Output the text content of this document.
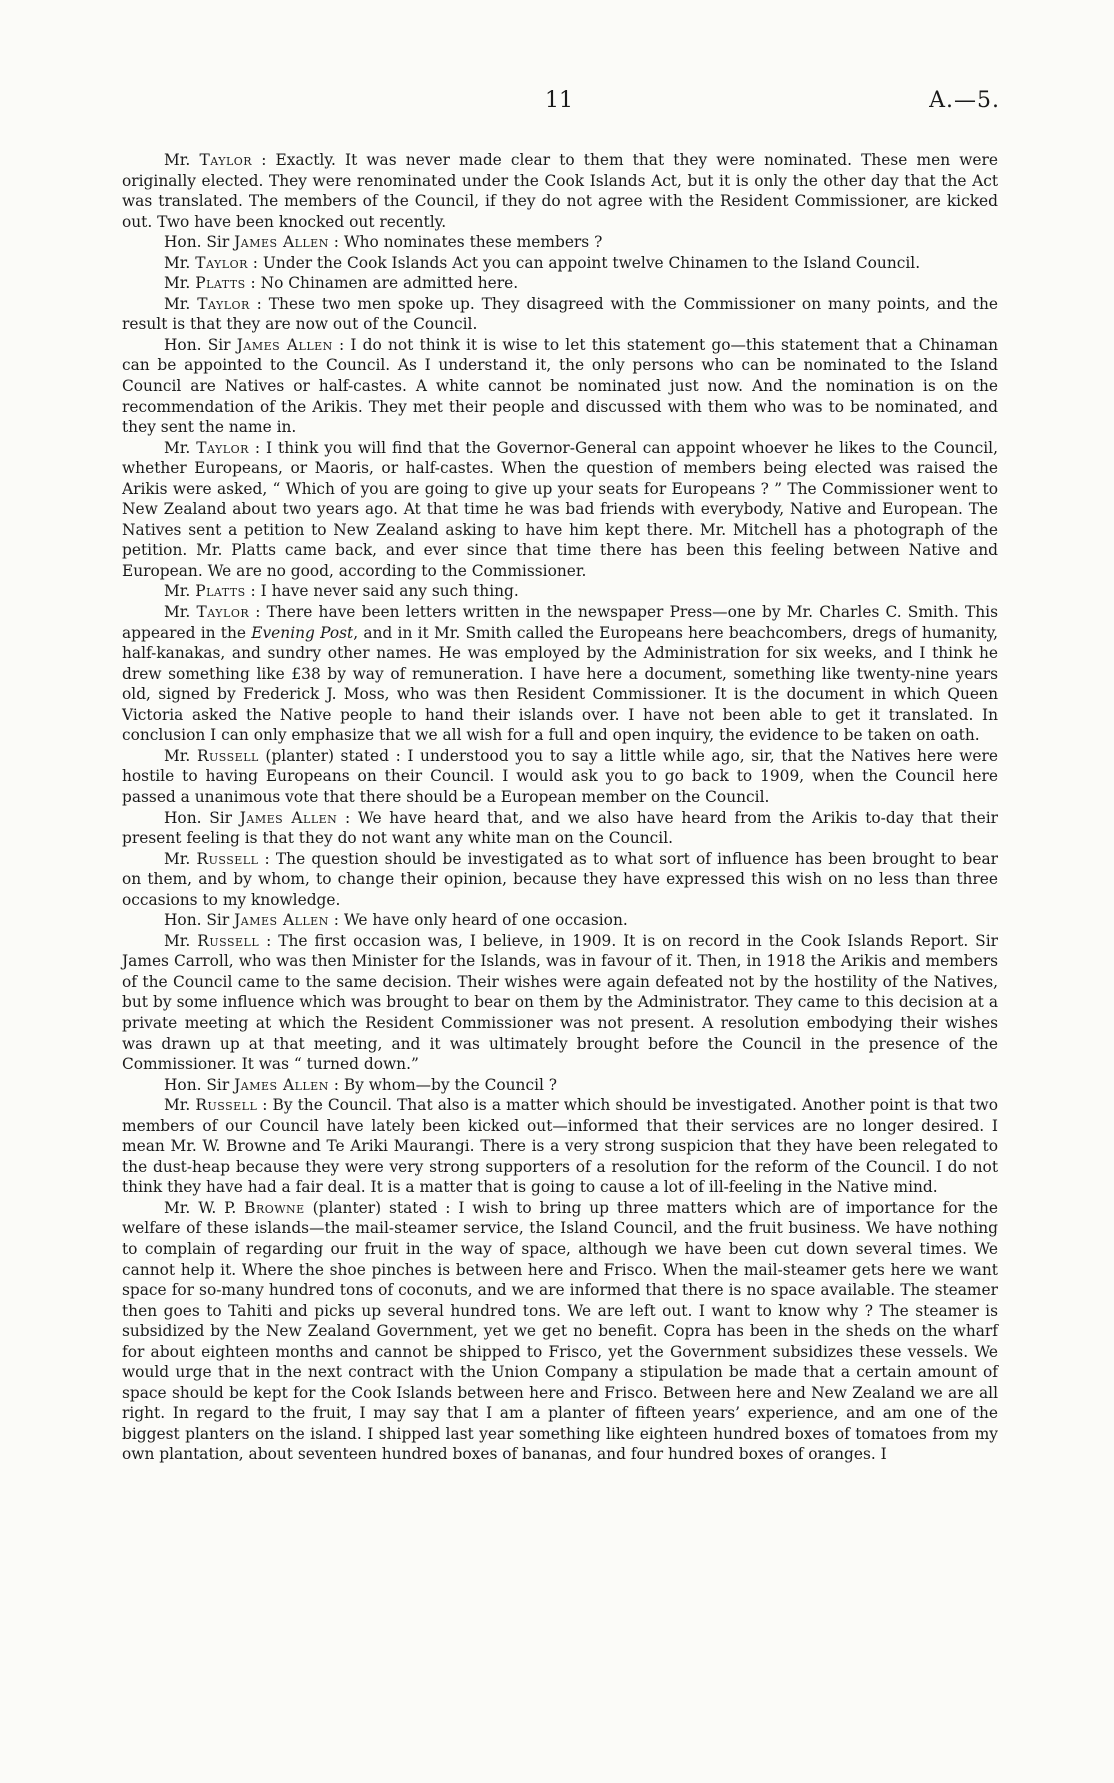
11	A.—5.

Mr. Taylor : Exactly. It was never made clear to them that they were nominated. These men were originally elected. They were renominated under the Cook Islands Act, but it is only the other day that the Act was translated. The members of the Council, if they do not agree with the Resident Commissioner, are kicked out. Two have been knocked out recently.

Hon. Sir James Allen : Who nominates these members ?

Mr. Taylor : Under the Cook Islands Act you can appoint twelve Chinamen to the Island Council.

Mr. Platts : No Chinamen are admitted here.

Mr. Taylor : These two men spoke up. They disagreed with the Commissioner on many points, and the result is that they are now out of the Council.

Hon. Sir James Allen : I do not think it is wise to let this statement go—this statement that a Chinaman can be appointed to the Council. As I understand it, the only persons who can be nominated to the Island Council are Natives or half-castes. A white cannot be nominated just now. And the nomination is on the recommendation of the Arikis. They met their people and discussed with them who was to be nominated, and they sent the name in.

Mr. Taylor : I think you will find that the Governor-General can appoint whoever he likes to the Council, whether Europeans, or Maoris, or half-castes. When the question of members being elected was raised the Arikis were asked, “ Which of you are going to give up your seats for Europeans ? ” The Commissioner went to New Zealand about two years ago. At that time he was bad friends with everybody, Native and European. The Natives sent a petition to New Zealand asking to have him kept there. Mr. Mitchell has a photograph of the petition. Mr. Platts came back, and ever since that time there has been this feeling between Native and European. We are no good, according to the Commissioner.

Mr. Platts : I have never said any such thing.

Mr. Taylor : There have been letters written in the newspaper Press—one by Mr. Charles C. Smith. This appeared in the Evening Post, and in it Mr. Smith called the Europeans here beachcombers, dregs of humanity, half-kanakas, and sundry other names. He was employed by the Administration for six weeks, and I think he drew something like £38 by way of remuneration. I have here a document, something like twenty-nine years old, signed by Frederick J. Moss, who was then Resident Commissioner. It is the document in which Queen Victoria asked the Native people to hand their islands over. I have not been able to get it translated. In conclusion I can only emphasize that we all wish for a full and open inquiry, the evidence to be taken on oath.

Mr. Russell (planter) stated : I understood you to say a little while ago, sir, that the Natives here were hostile to having Europeans on their Council. I would ask you to go back to 1909, when the Council here passed a unanimous vote that there should be a European member on the Council.

Hon. Sir James Allen : We have heard that, and we also have heard from the Arikis to-day that their present feeling is that they do not want any white man on the Council.

Mr. Russell : The question should be investigated as to what sort of influence has been brought to bear on them, and by whom, to change their opinion, because they have expressed this wish on no less than three occasions to my knowledge.

Hon. Sir James Allen : We have only heard of one occasion.

Mr. Russell : The first occasion was, I believe, in 1909. It is on record in the Cook Islands Report. Sir James Carroll, who was then Minister for the Islands, was in favour of it. Then, in 1918 the Arikis and members of the Council came to the same decision. Their wishes were again defeated not by the hostility of the Natives, but by some influence which was brought to bear on them by the Administrator. They came to this decision at a private meeting at which the Resident Commissioner was not present. A resolution embodying their wishes was drawn up at that meeting, and it was ultimately brought before the Council in the presence of the Commissioner. It was “ turned down.”

Hon. Sir James Allen : By whom—by the Council ?

Mr. Russell : By the Council. That also is a matter which should be investigated. Another point is that two members of our Council have lately been kicked out—informed that their services are no longer desired. I mean Mr. W. Browne and Te Ariki Maurangi. There is a very strong suspicion that they have been relegated to the dust-heap because they were very strong supporters of a resolution for the reform of the Council. I do not think they have had a fair deal. It is a matter that is going to cause a lot of ill-feeling in the Native mind.

Mr. W. P. Browne (planter) stated : I wish to bring up three matters which are of importance for the welfare of these islands—the mail-steamer service, the Island Council, and the fruit business. We have nothing to complain of regarding our fruit in the way of space, although we have been cut down several times. We cannot help it. Where the shoe pinches is between here and Frisco. When the mail-steamer gets here we want space for so-many hundred tons of coconuts, and we are informed that there is no space available. The steamer then goes to Tahiti and picks up several hundred tons. We are left out. I want to know why ? The steamer is subsidized by the New Zealand Government, yet we get no benefit. Copra has been in the sheds on the wharf for about eighteen months and cannot be shipped to Frisco, yet the Government subsidizes these vessels. We would urge that in the next contract with the Union Company a stipulation be made that a certain amount of space should be kept for the Cook Islands between here and Frisco. Between here and New Zealand we are all right. In regard to the fruit, I may say that I am a planter of fifteen years’ experience, and am one of the biggest planters on the island. I shipped last year something like eighteen hundred boxes of tomatoes from my own plantation, about seventeen hundred boxes of bananas, and four hundred boxes of oranges. I
